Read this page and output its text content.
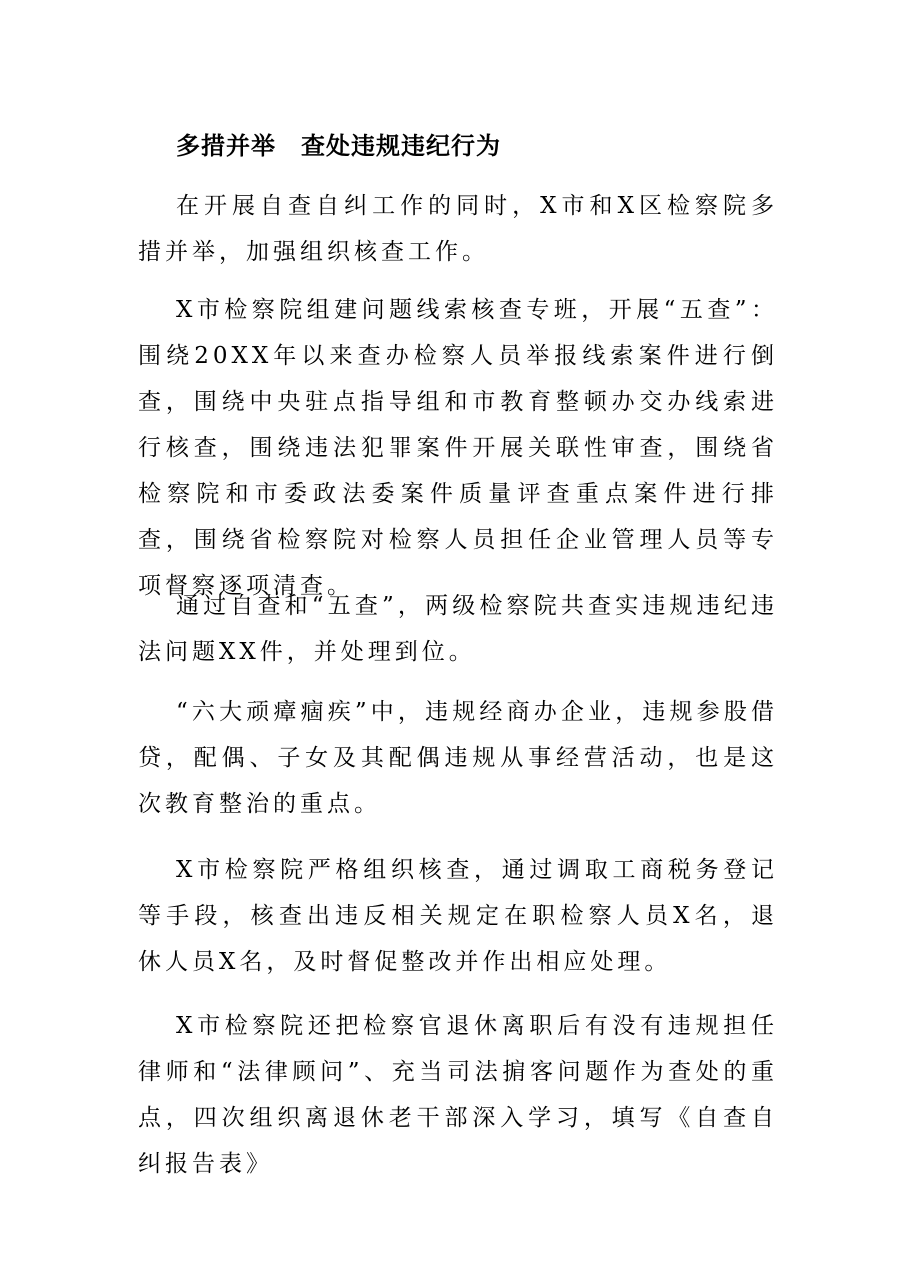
多措并举　查处违规违纪行为

在开展自查自纠工作的同时，X市和X区检察院多措并举，加强组织核查工作。

X市检察院组建问题线索核查专班，开展“五查”：围绕20XX年以来查办检察人员举报线索案件进行倒查，围绕中央驻点指导组和市教育整顿办交办线索进行核查，围绕违法犯罪案件开展关联性审查，围绕省检察院和市委政法委案件质量评查重点案件进行排查，围绕省检察院对检察人员担任企业管理人员等专项督察逐项清查。

通过自查和“五查”，两级检察院共查实违规违纪违法问题XX件，并处理到位。

“六大顽瘴痼疾”中，违规经商办企业，违规参股借贷，配偶、子女及其配偶违规从事经营活动，也是这次教育整治的重点。

X市检察院严格组织核查，通过调取工商税务登记等手段，核查出违反相关规定在职检察人员X名，退休人员X名，及时督促整改并作出相应处理。

X市检察院还把检察官退休离职后有没有违规担任律师和“法律顾问”、充当司法掮客问题作为查处的重点，四次组织离退休老干部深入学习，填写《自查自纠报告表》
